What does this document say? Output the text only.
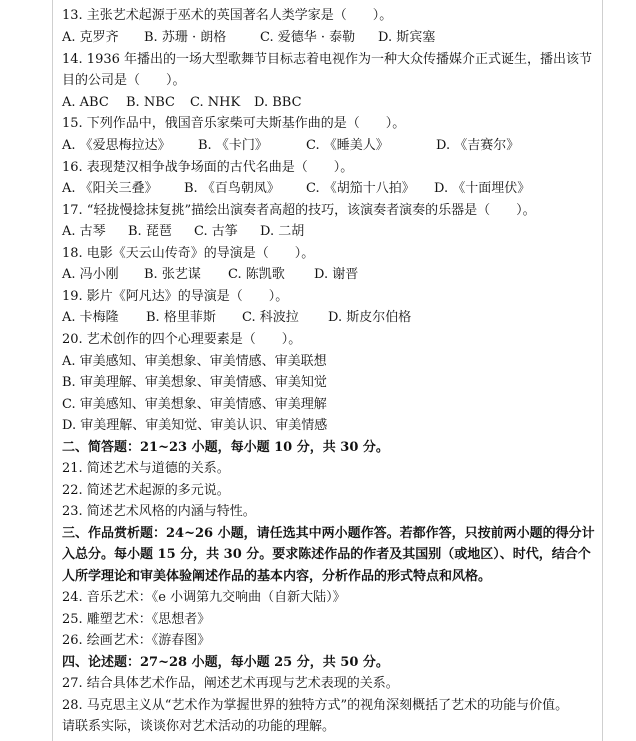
13. 主张艺术起源于巫术的英国著名人类学家是（　　）。
A. 克罗齐 B. 苏珊 · 朗格	C. 爱德华 · 泰勒 D. 斯宾塞
14. 1936 年播出的一场大型歌舞节目标志着电视作为一种大众传播媒介正式诞生，播出该节
目的公司是（　　）。
A. ABC B. NBC C. NHK D. BBC
15. 下列作品中，俄国音乐家柴可夫斯基作曲的是（　　）。
A. 《爱思梅拉达》 B. 《卡门》	C. 《睡美人》	D. 《吉赛尔》
16. 表现楚汉相争战争场面的古代名曲是（　　）。
A. 《阳关三叠》 B. 《百鸟朝凤》 C. 《胡笳十八拍》 D. 《十面埋伏》
17. “轻拢慢捻抹复挑”描绘出演奏者高超的技巧，该演奏者演奏的乐器是（　　）。
A. 古琴 B. 琵琶 C. 古筝 D. 二胡
18. 电影《天云山传奇》的导演是（　　）。
A. 冯小刚 B. 张艺谋 C. 陈凯歌 D. 谢晋
19. 影片《阿凡达》的导演是（　　）。
A. 卡梅隆 B. 格里菲斯 C. 科波拉 D. 斯皮尔伯格
20. 艺术创作的四个心理要素是（　　）。
A. 审美感知、审美想象、审美情感、审美联想
B. 审美理解、审美想象、审美情感、审美知觉
C. 审美感知、审美想象、审美情感、审美理解
D. 审美理解、审美知觉、审美认识、审美情感
二、简答题：21~23 小题，每小题 10 分，共 30 分。
21. 简述艺术与道德的关系。
22. 简述艺术起源的多元说。
23. 简述艺术风格的内涵与特性。
三、作品赏析题：24~26 小题，请任选其中两小题作答。若都作答，只按前两小题的得分计
入总分。每小题 15 分，共 30 分。要求陈述作品的作者及其国别（或地区）、时代，结合个
人所学理论和审美体验阐述作品的基本内容，分析作品的形式特点和风格。
24. 音乐艺术：《e 小调第九交响曲（自新大陆）》
25. 雕塑艺术：《思想者》
26. 绘画艺术：《游春图》
四、论述题：27~28 小题，每小题 25 分，共 50 分。
27. 结合具体艺术作品，阐述艺术再现与艺术表现的关系。
28. 马克思主义从“艺术作为掌握世界的独特方式”的视角深刻概括了艺术的功能与价值。
请联系实际，谈谈你对艺术活动的功能的理解。
